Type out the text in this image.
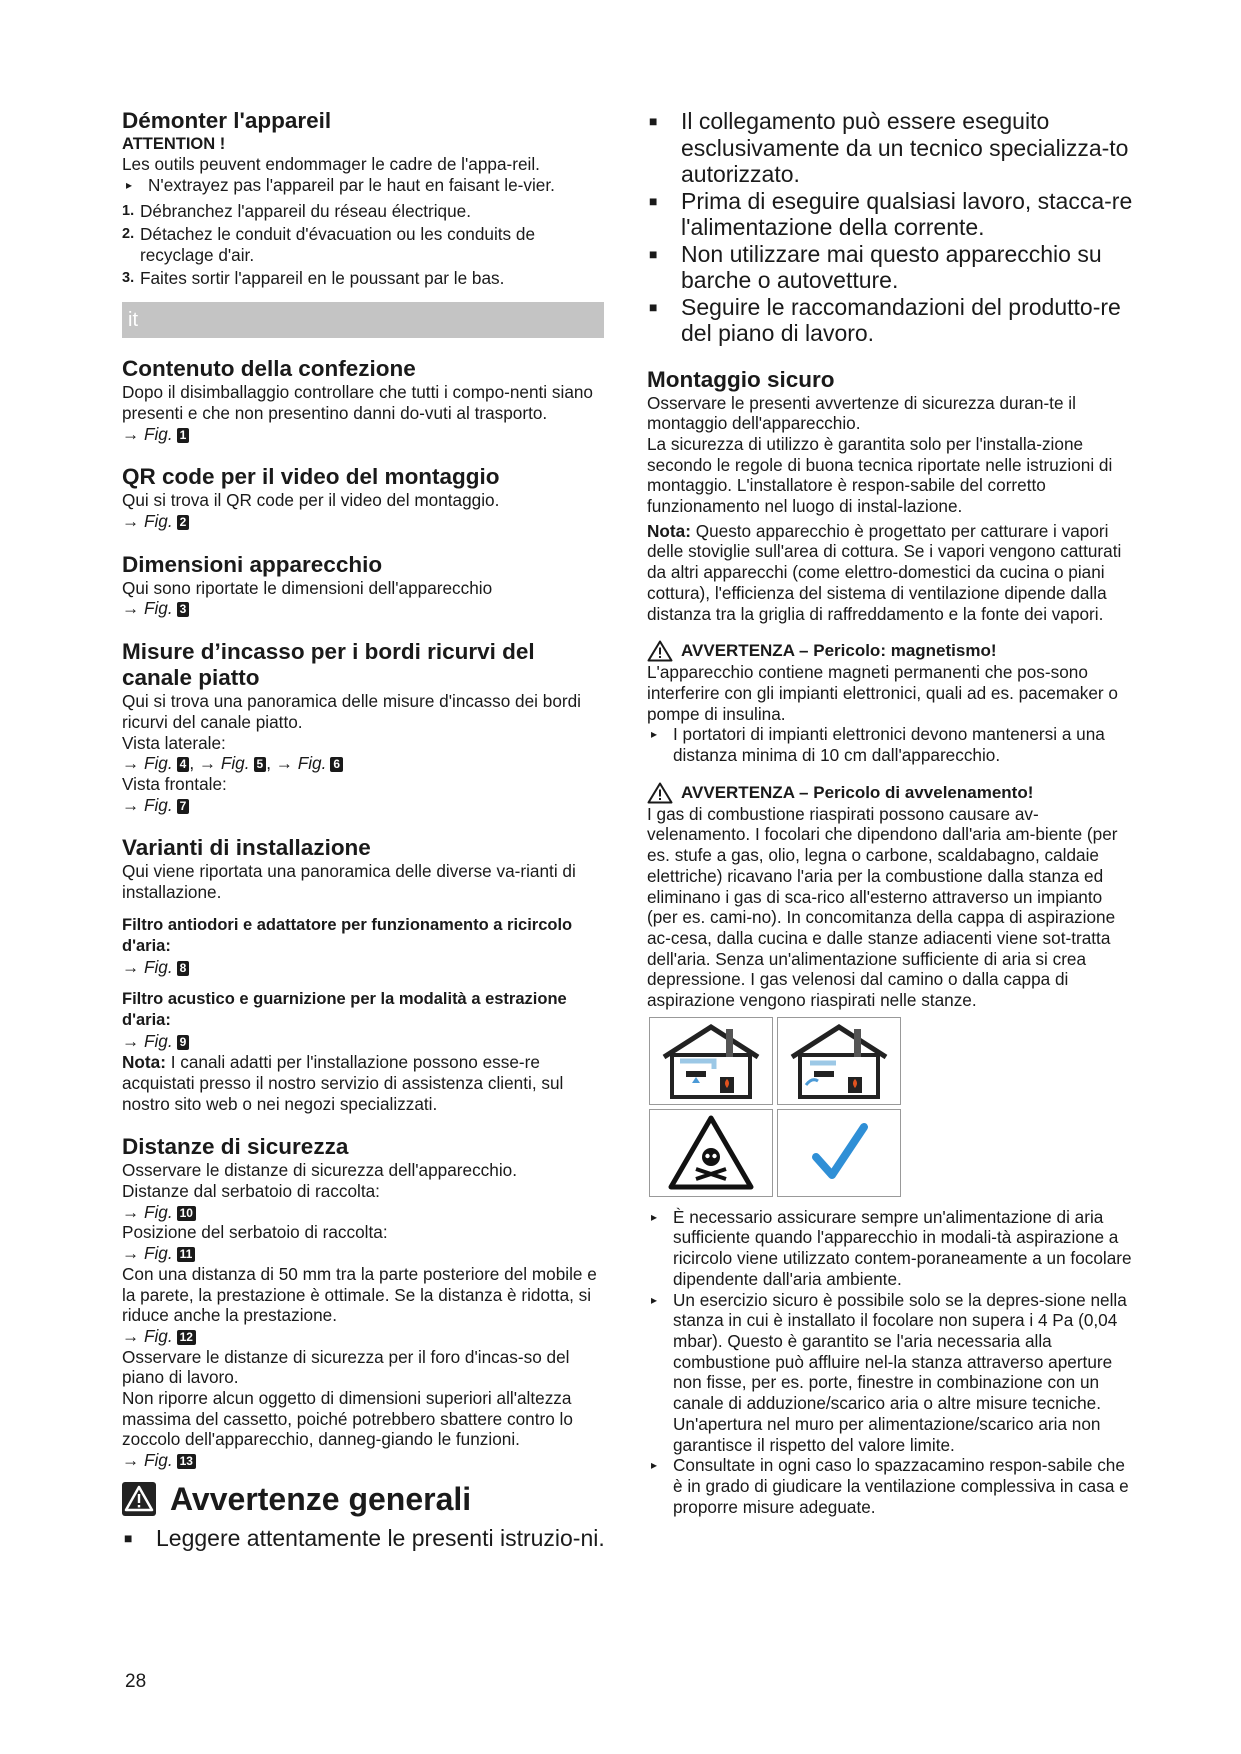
Démonter l'appareil

ATTENTION !

Les outils peuvent endommager le cadre de l'appa-reil.

▸ N'extrayez pas l'appareil par le haut en faisant le-vier.
1. Débranchez l'appareil du réseau électrique.
2. Détachez le conduit d'évacuation ou les conduits de recyclage d'air.
3. Faites sortir l'appareil en le poussant par le bas.
it
Contenuto della confezione

Dopo il disimballaggio controllare che tutti i compo-nenti siano presenti e che non presentino danni do-vuti al trasporto.

→ Fig. 1

QR code per il video del montaggio

Qui si trova il QR code per il video del montaggio.

→ Fig. 2

Dimensioni apparecchio

Qui sono riportate le dimensioni dell'apparecchio

→ Fig. 3

Misure d’incasso per i bordi ricurvi del canale piatto

Qui si trova una panoramica delle misure d'incasso dei bordi ricurvi del canale piatto.

Vista laterale:

→ Fig. 4 , → Fig. 5 , → Fig. 6

Vista frontale:

→ Fig. 7

Varianti di installazione

Qui viene riportata una panoramica delle diverse va-rianti di installazione.

Filtro antiodori e adattatore per funzionamento a ricircolo d'aria:

→ Fig. 8

Filtro acustico e guarnizione per la modalità a estrazione d'aria:

→ Fig. 9

Nota: I canali adatti per l'installazione possono esse-re acquistati presso il nostro servizio di assistenza clienti, sul nostro sito web o nei negozi specializzati.

Distanze di sicurezza

Osservare le distanze di sicurezza dell'apparecchio.

Distanze dal serbatoio di raccolta:

→ Fig. 10

Posizione del serbatoio di raccolta:

→ Fig. 11

Con una distanza di 50 mm tra la parte posteriore del mobile e la parete, la prestazione è ottimale. Se la distanza è ridotta, si riduce anche la prestazione.

→ Fig. 12

Osservare le distanze di sicurezza per il foro d'incas-so del piano di lavoro.

Non riporre alcun oggetto di dimensioni superiori all'altezza massima del cassetto, poiché potrebbero sbattere contro lo zoccolo dell'apparecchio, danneg-giando le funzioni.

→ Fig. 13

Avvertenze generali
■	Leggere attentamente le presenti istruzio-ni.
■	Il collegamento può essere eseguito esclusivamente da un tecnico specializza-to autorizzato.
■	Prima di eseguire qualsiasi lavoro, stacca-re l'alimentazione della corrente.
■	Non utilizzare mai questo apparecchio su barche o autovetture.
■	Seguire le raccomandazioni del produtto-re del piano di lavoro.
Montaggio sicuro

Osservare le presenti avvertenze di sicurezza duran-te il montaggio dell'apparecchio.

La sicurezza di utilizzo è garantita solo per l'installa-zione secondo le regole di buona tecnica riportate nelle istruzioni di montaggio. L'installatore è respon-sabile del corretto funzionamento nel luogo di instal-lazione.

Nota: Questo apparecchio è progettato per catturare i vapori delle stoviglie sull'area di cottura. Se i vapori vengono catturati da altri apparecchi (come elettro-domestici da cucina o piani cottura), l'efficienza del sistema di ventilazione dipende dalla distanza tra la griglia di raffreddamento e la fonte dei vapori.

AVVERTENZA – Pericolo: magnetismo!

L'apparecchio contiene magneti permanenti che pos-sono interferire con gli impianti elettronici, quali ad es. pacemaker o pompe di insulina.

▸ I portatori di impianti elettronici devono mantenersi a una distanza minima di 10 cm dall'apparecchio.
AVVERTENZA – Pericolo di avvelenamento!

I gas di combustione riaspirati possono causare av-velenamento. I focolari che dipendono dall'aria am-biente (per es. stufe a gas, olio, legna o carbone, scaldabagno, caldaie elettriche) ricavano l'aria per la combustione dalla stanza ed eliminano i gas di sca-rico all'esterno attraverso un impianto (per es. cami-no). In concomitanza della cappa di aspirazione ac-cesa, dalla cucina e dalle stanze adiacenti viene sot-tratta dell'aria. Senza un'alimentazione sufficiente di aria si crea depressione. I gas velenosi dal camino o dalla cappa di aspirazione vengono riaspirati nelle stanze.

▸ È necessario assicurare sempre un'alimentazione di aria sufficiente quando l'apparecchio in modali-tà aspirazione a ricircolo viene utilizzato contem-poraneamente a un focolare dipendente dall'aria ambiente.
▸ Un esercizio sicuro è possibile solo se la depres-sione nella stanza in cui è installato il focolare non supera i 4 Pa (0,04 mbar). Questo è garantito se l'aria necessaria alla combustione può affluire nel-la stanza attraverso aperture non fisse, per es. porte, finestre in combinazione con un canale di adduzione/scarico aria o altre misure tecniche. Un'apertura nel muro per alimentazione/scarico aria non garantisce il rispetto del valore limite.
▸ Consultate in ogni caso lo spazzacamino respon-sabile che è in grado di giudicare la ventilazione complessiva in casa e proporre misure adeguate.
28
